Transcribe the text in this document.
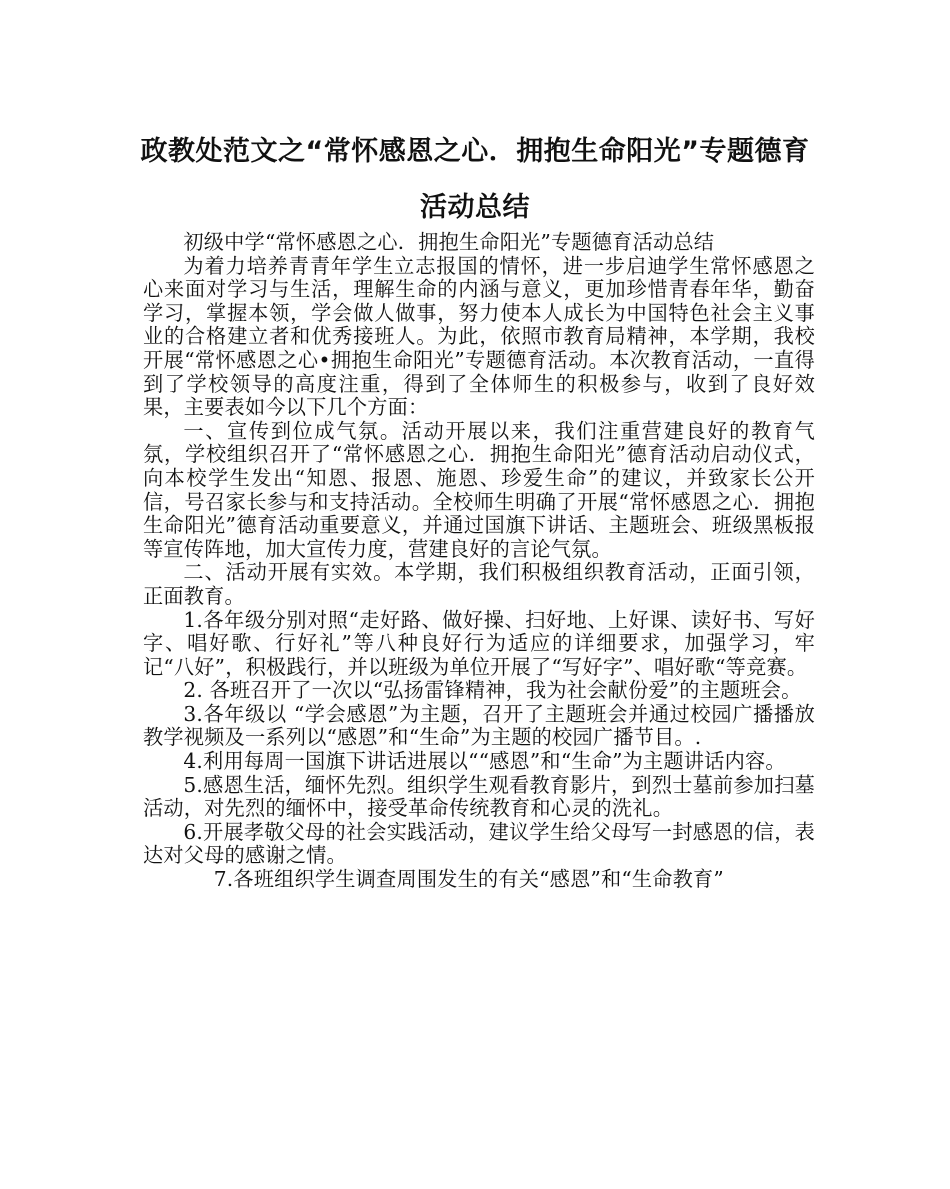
政教处范文之“常怀感恩之心．拥抱生命阳光”专题德育活动总结

初级中学“常怀感恩之心．拥抱生命阳光”专题德育活动总结

为着力培养青青年学生立志报国的情怀，进一步启迪学生常怀感恩之心来面对学习与生活，理解生命的内涵与意义，更加珍惜青春年华，勤奋学习，掌握本领，学会做人做事，努力使本人成长为中国特色社会主义事业的合格建立者和优秀接班人。为此，依照市教育局精神，本学期，我校开展“常怀感恩之心•拥抱生命阳光”专题德育活动。本次教育活动，一直得到了学校领导的高度注重，得到了全体师生的积极参与，收到了良好效果，主要表如今以下几个方面：

一、宣传到位成气氛。活动开展以来，我们注重营建良好的教育气氛，学校组织召开了“常怀感恩之心．拥抱生命阳光”德育活动启动仪式，向本校学生发出“知恩、报恩、施恩、珍爱生命”的建议，并致家长公开信，号召家长参与和支持活动。全校师生明确了开展“常怀感恩之心．拥抱生命阳光”德育活动重要意义，并通过国旗下讲话、主题班会、班级黑板报等宣传阵地，加大宣传力度，营建良好的言论气氛。

二、活动开展有实效。本学期，我们积极组织教育活动，正面引领，正面教育。

1.各年级分别对照“走好路、做好操、扫好地、上好课、读好书、写好字、唱好歌、行好礼”等八种良好行为适应的详细要求，加强学习，牢记“八好”，积极践行，并以班级为单位开展了“写好字”、唱好歌“等竞赛。

2. 各班召开了一次以“弘扬雷锋精神，我为社会献份爱”的主题班会。

3.各年级以 “学会感恩”为主题，召开了主题班会并通过校园广播播放教学视频及一系列以“感恩”和“生命”为主题的校园广播节目。.

4.利用每周一国旗下讲话进展以““感恩”和“生命”为主题讲话内容。

5.感恩生活，缅怀先烈。组织学生观看教育影片，到烈士墓前参加扫墓活动，对先烈的缅怀中，接受革命传统教育和心灵的洗礼。

6.开展孝敬父母的社会实践活动，建议学生给父母写一封感恩的信，表达对父母的感谢之情。

7.各班组织学生调查周围发生的有关“感恩”和“生命教育”
